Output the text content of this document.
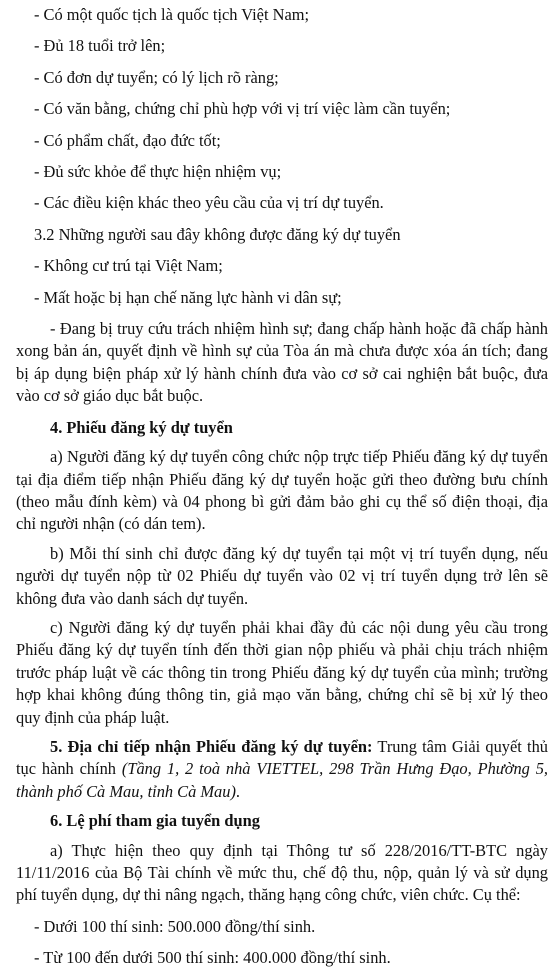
- Có một quốc tịch là quốc tịch Việt Nam;

- Đủ 18 tuổi trở lên;

- Có đơn dự tuyển; có lý lịch rõ ràng;

- Có văn bằng, chứng chỉ phù hợp với vị trí việc làm cần tuyển;

- Có phẩm chất, đạo đức tốt;

- Đủ sức khỏe để thực hiện nhiệm vụ;

- Các điều kiện khác theo yêu cầu của vị trí dự tuyển.

3.2 Những người sau đây không được đăng ký dự tuyển

- Không cư trú tại Việt Nam;

- Mất hoặc bị hạn chế năng lực hành vi dân sự;

- Đang bị truy cứu trách nhiệm hình sự; đang chấp hành hoặc đã chấp hành xong bản án, quyết định về hình sự của Tòa án mà chưa được xóa án tích; đang bị áp dụng biện pháp xử lý hành chính đưa vào cơ sở cai nghiện bắt buộc, đưa vào cơ sở giáo dục bắt buộc.

4. Phiếu đăng ký dự tuyển

a) Người đăng ký dự tuyển công chức nộp trực tiếp Phiếu đăng ký dự tuyển tại địa điểm tiếp nhận Phiếu đăng ký dự tuyển hoặc gửi theo đường bưu chính (theo mẫu đính kèm) và 04 phong bì gửi đảm bảo ghi cụ thể số điện thoại, địa chỉ người nhận (có dán tem).

b) Mỗi thí sinh chỉ được đăng ký dự tuyển tại một vị trí tuyển dụng, nếu người dự tuyển nộp từ 02 Phiếu dự tuyển vào 02 vị trí tuyển dụng trở lên sẽ không đưa vào danh sách dự tuyển.

c) Người đăng ký dự tuyển phải khai đầy đủ các nội dung yêu cầu trong Phiếu đăng ký dự tuyển tính đến thời gian nộp phiếu và phải chịu trách nhiệm trước pháp luật về các thông tin trong Phiếu đăng ký dự tuyển của mình; trường hợp khai không đúng thông tin, giả mạo văn bằng, chứng chỉ sẽ bị xử lý theo quy định của pháp luật.

5. Địa chỉ tiếp nhận Phiếu đăng ký dự tuyển: Trung tâm Giải quyết thủ tục hành chính (Tầng 1, 2 toà nhà VIETTEL, 298 Trần Hưng Đạo, Phường 5, thành phố Cà Mau, tỉnh Cà Mau).

6. Lệ phí tham gia tuyển dụng

a) Thực hiện theo quy định tại Thông tư số 228/2016/TT-BTC ngày 11/11/2016 của Bộ Tài chính về mức thu, chế độ thu, nộp, quản lý và sử dụng phí tuyển dụng, dự thi nâng ngạch, thăng hạng công chức, viên chức. Cụ thể:

- Dưới 100 thí sinh: 500.000 đồng/thí sinh.

- Từ 100 đến dưới 500 thí sinh: 400.000 đồng/thí sinh.
